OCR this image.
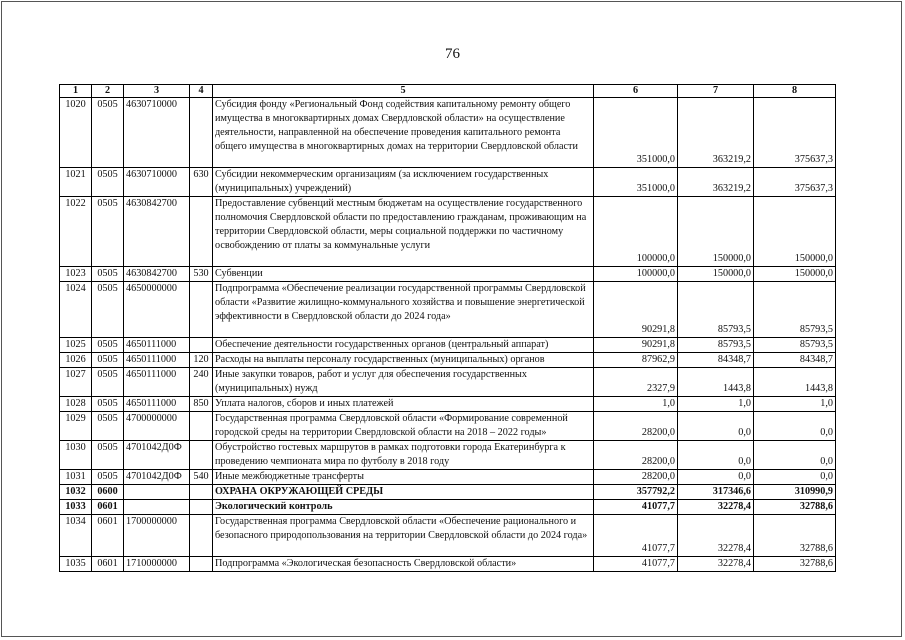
76
1	2	3	4	5	6	7	8
1020	0505	4630710000		Субсидия фонду «Региональный Фонд содействия капитальному ремонту общего имущества в многоквартирных домах Свердловской области» на осуществление деятельности, направленной на обеспечение проведения капитального ремонта общего имущества в многоквартирных домах на территории Свердловской области	351000,0	363219,2	375637,3
1021	0505	4630710000	630	Субсидии некоммерческим организациям (за исключением государственных (муниципальных) учреждений)	351000,0	363219,2	375637,3
1022	0505	4630842700		Предоставление субвенций местным бюджетам на осуществление государственного полномочия Свердловской области по предоставлению гражданам, проживающим на территории Свердловской области, меры социальной поддержки по частичному освобождению от платы за коммунальные услуги	100000,0	150000,0	150000,0
1023	0505	4630842700	530	Субвенции	100000,0	150000,0	150000,0
1024	0505	4650000000		Подпрограмма «Обеспечение реализации государственной программы Свердловской области «Развитие жилищно-коммунального хозяйства и повышение энергетической эффективности в Свердловской области до 2024 года»	90291,8	85793,5	85793,5
1025	0505	4650111000		Обеспечение деятельности государственных органов (центральный аппарат)	90291,8	85793,5	85793,5
1026	0505	4650111000	120	Расходы на выплаты персоналу государственных (муниципальных) органов	87962,9	84348,7	84348,7
1027	0505	4650111000	240	Иные закупки товаров, работ и услуг для обеспечения государственных (муниципальных) нужд	2327,9	1443,8	1443,8
1028	0505	4650111000	850	Уплата налогов, сборов и иных платежей	1,0	1,0	1,0
1029	0505	4700000000		Государственная программа Свердловской области «Формирование современной городской среды на территории Свердловской области на 2018 – 2022 годы»	28200,0	0,0	0,0
1030	0505	4701042Д0Ф		Обустройство гостевых маршрутов в рамках подготовки города Екатеринбурга к проведению чемпионата мира по футболу в 2018 году	28200,0	0,0	0,0
1031	0505	4701042Д0Ф	540	Иные межбюджетные трансферты	28200,0	0,0	0,0
1032	0600			ОХРАНА ОКРУЖАЮЩЕЙ СРЕДЫ	357792,2	317346,6	310990,9
1033	0601			Экологический контроль	41077,7	32278,4	32788,6
1034	0601	1700000000		Государственная программа Свердловской области «Обеспечение рационального и безопасного природопользования на территории Свердловской области до 2024 года»	41077,7	32278,4	32788,6
1035	0601	1710000000		Подпрограмма «Экологическая безопасность Свердловской области»	41077,7	32278,4	32788,6
